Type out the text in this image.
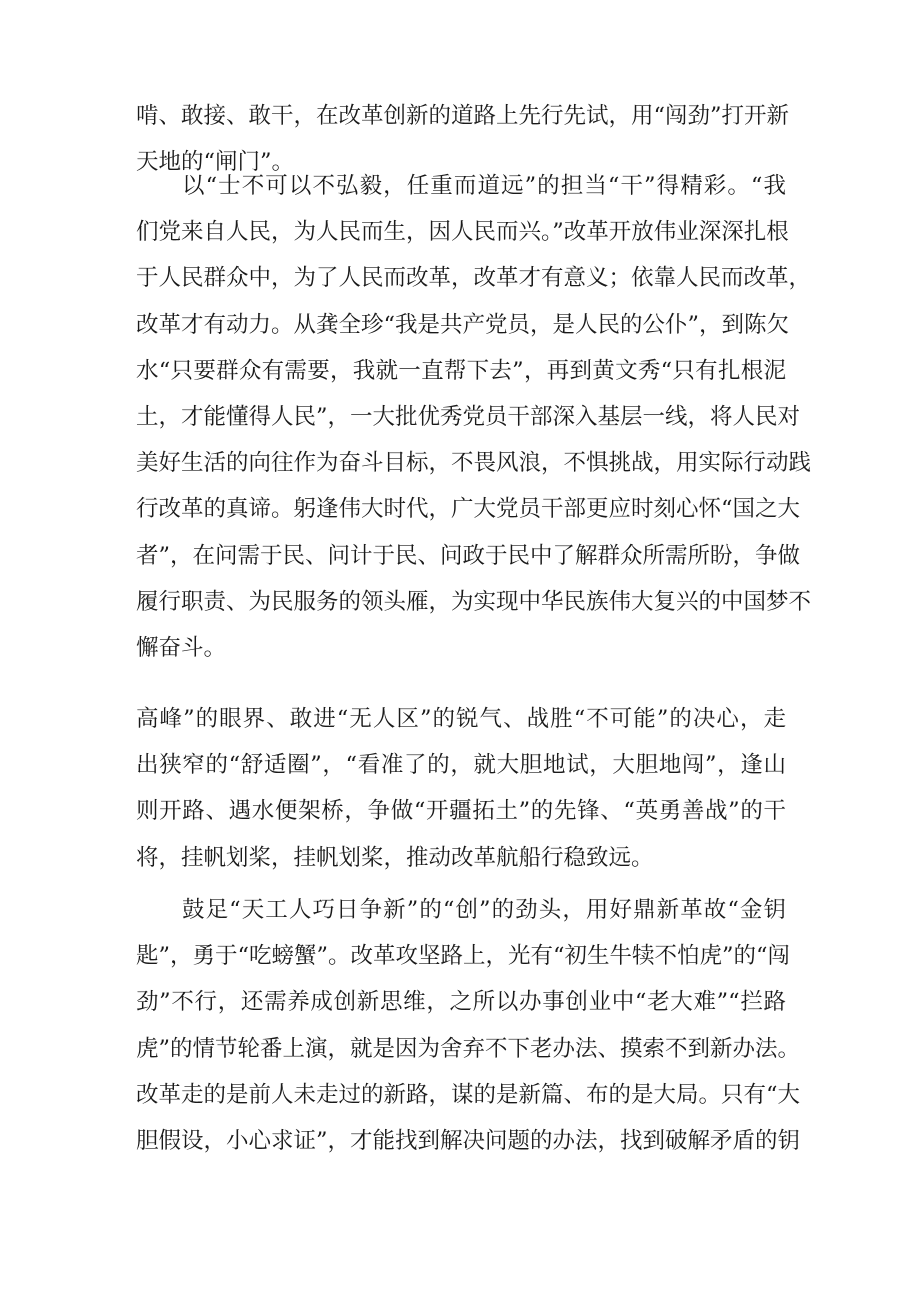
啃、敢接、敢干，在改革创新的道路上先行先试，用“闯劲”打开新
天地的“闸门”。
以“士不可以不弘毅，任重而道远”的担当“干”得精彩。“我
们党来自人民，为人民而生，因人民而兴。”改革开放伟业深深扎根
于人民群众中，为了人民而改革，改革才有意义；依靠人民而改革，
改革才有动力。从龚全珍“我是共产党员，是人民的公仆”，到陈欠
水“只要群众有需要，我就一直帮下去”，再到黄文秀“只有扎根泥
土，才能懂得人民”，一大批优秀党员干部深入基层一线，将人民对
美好生活的向往作为奋斗目标，不畏风浪，不惧挑战，用实际行动践
行改革的真谛。躬逢伟大时代，广大党员干部更应时刻心怀“国之大
者”，在问需于民、问计于民、问政于民中了解群众所需所盼，争做
履行职责、为民服务的领头雁，为实现中华民族伟大复兴的中国梦不
懈奋斗。
高峰”的眼界、敢进“无人区”的锐气、战胜“不可能”的决心，走
出狭窄的“舒适圈”，“看准了的，就大胆地试，大胆地闯”，逢山
则开路、遇水便架桥，争做“开疆拓土”的先锋、“英勇善战”的干
将，挂帆划桨，挂帆划桨，推动改革航船行稳致远。
鼓足“天工人巧日争新”的“创”的劲头，用好鼎新革故“金钥
匙”，勇于“吃螃蟹”。改革攻坚路上，光有“初生牛犊不怕虎”的“闯
劲”不行，还需养成创新思维，之所以办事创业中“老大难”“拦路
虎”的情节轮番上演，就是因为舍弃不下老办法、摸索不到新办法。
改革走的是前人未走过的新路，谋的是新篇、布的是大局。只有“大
胆假设，小心求证”，才能找到解决问题的办法，找到破解矛盾的钥
